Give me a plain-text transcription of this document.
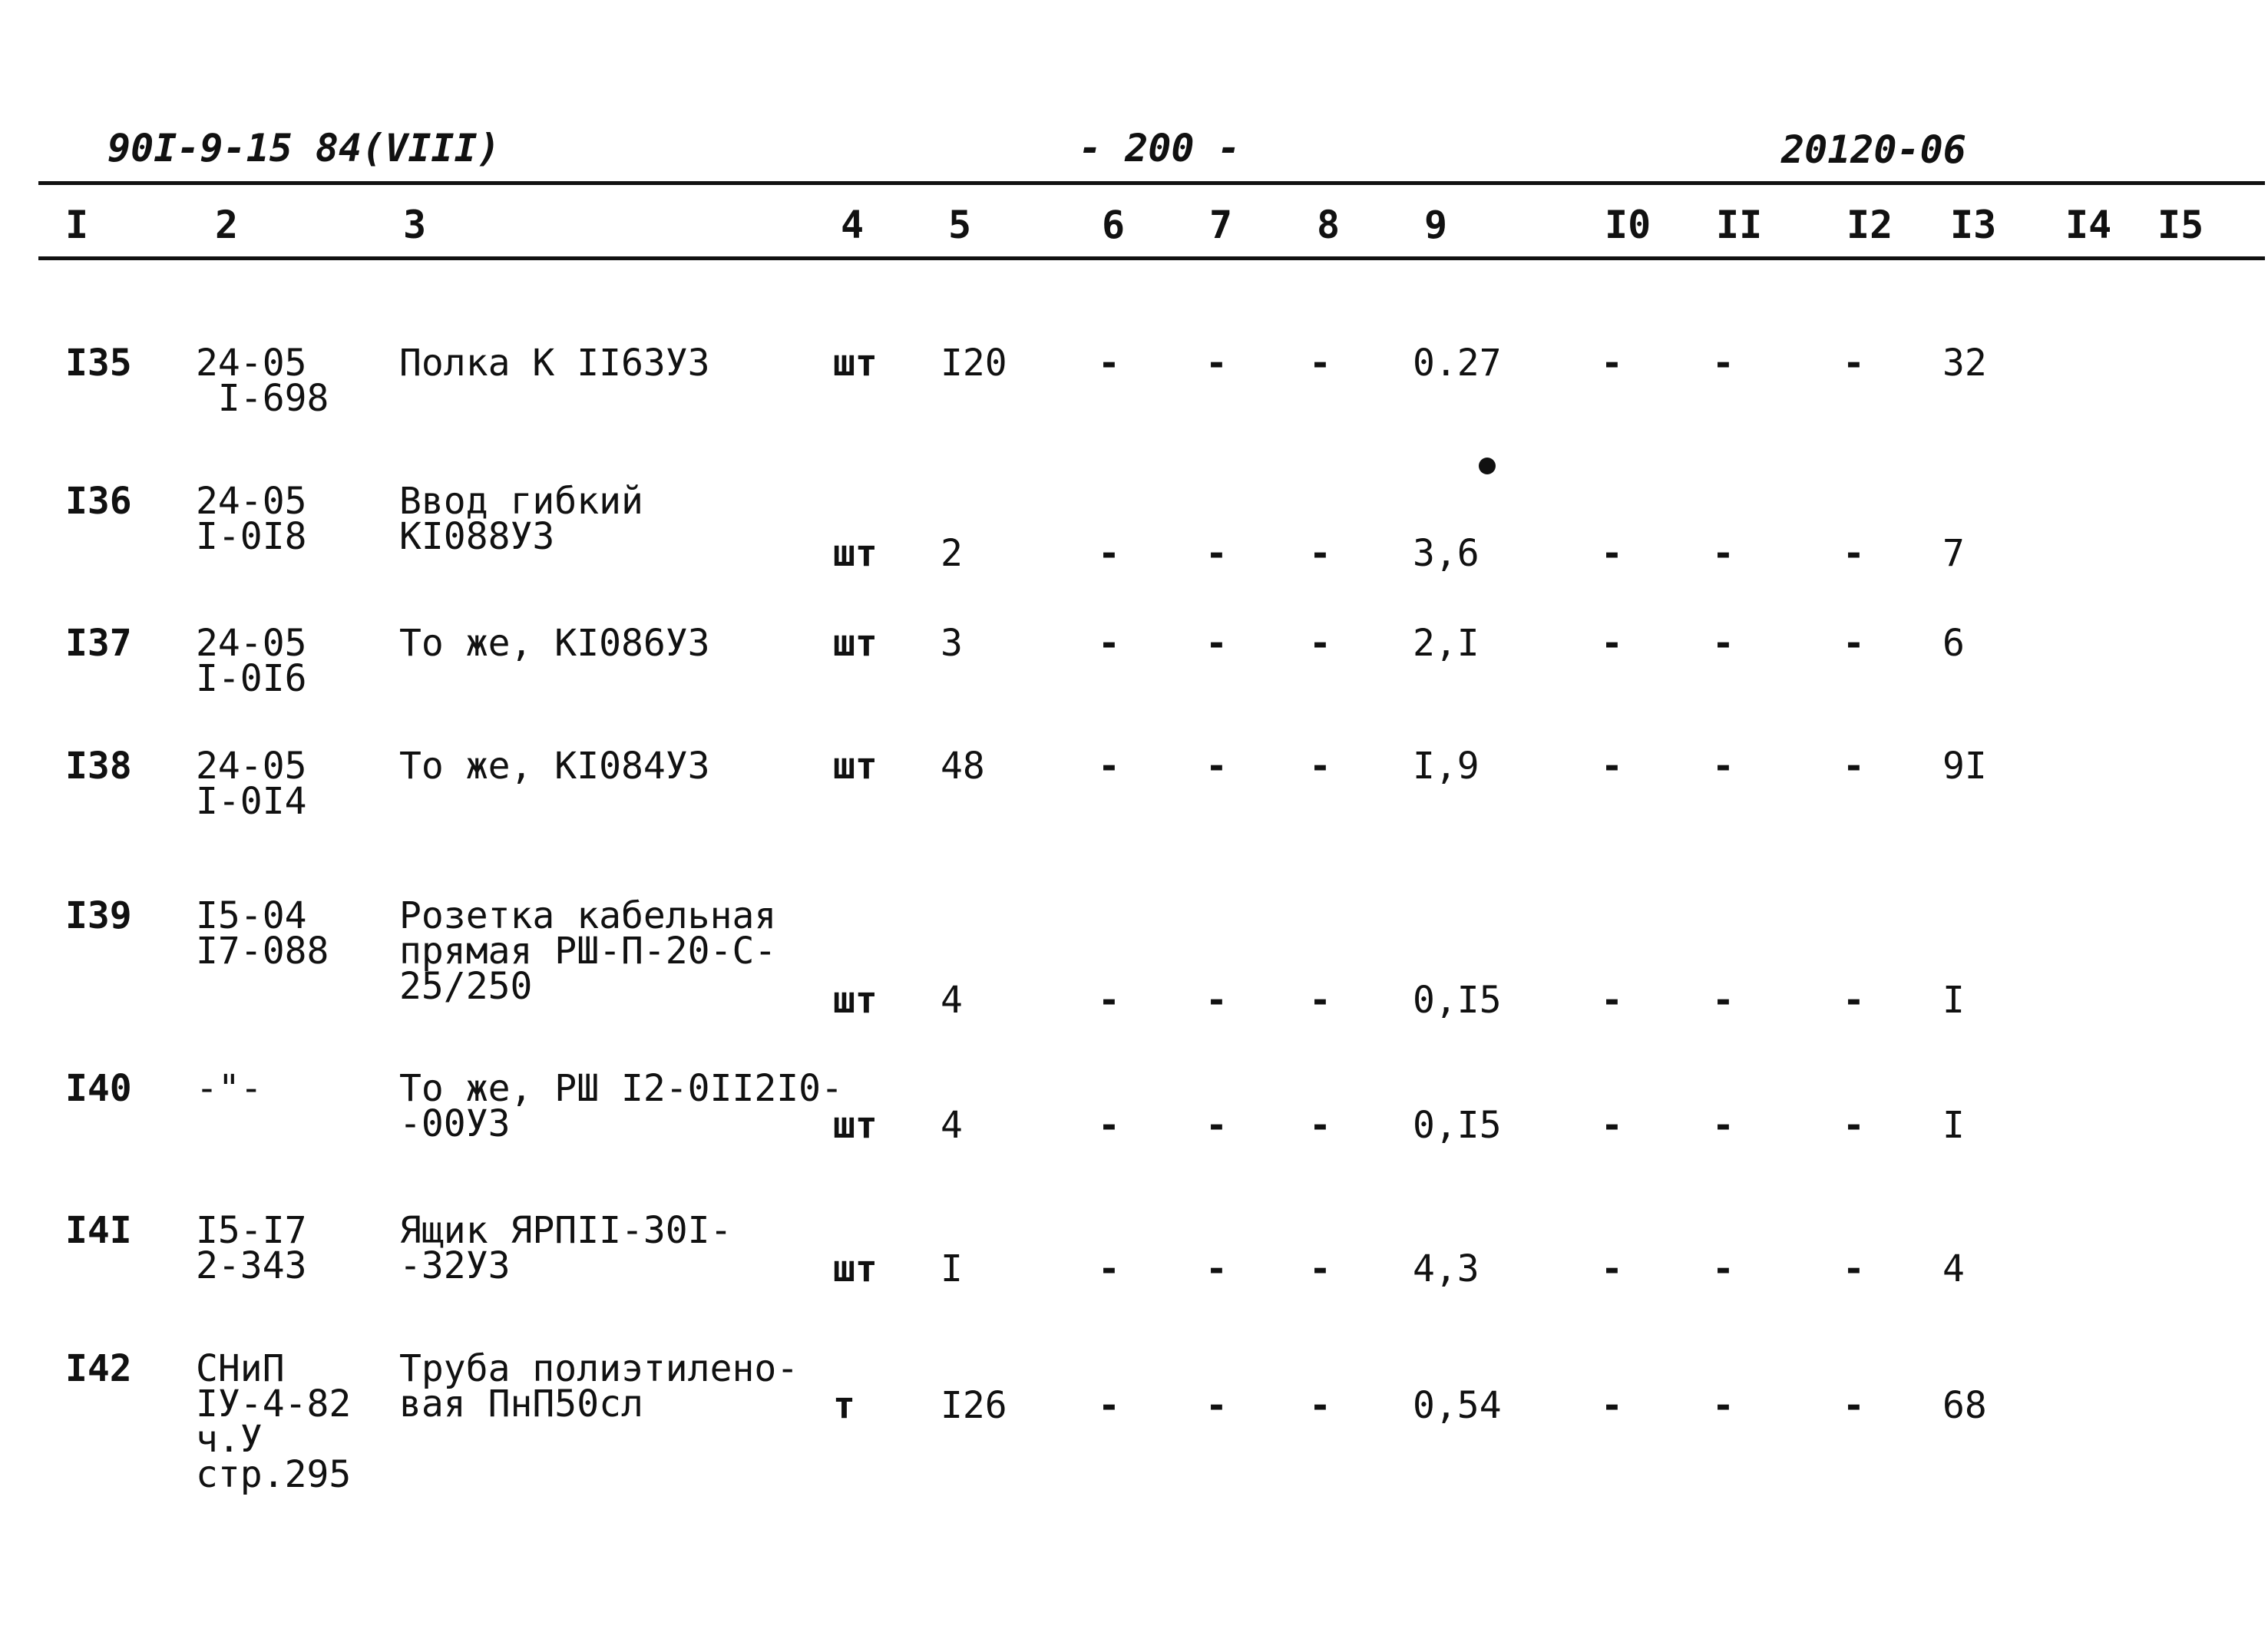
90I-9-15 84(VIII)	- 200 -	20120-06
I	2	3	4 5	6 7 8 9	I0 II I2 I3 I4 I5
I35 24-05
I-698
Полка К II63У3	шт I20 - - - 0.27	- -	- 32
I36 24-05
I-0I8
Ввод гибкий
KI088У3	шт 2	- - - 3,6	- -	- 7
I37 24-05
I-0I6
То же, KI086У3	шт 3	- - - 2,I	- -	- 6
I38 24-05
I-0I4
То же, KI084У3	шт 48	- - - I,9	- -	- 9I
I39 I5-04
I7-088
Розетка кабельная
прямая РШ-П-20-С-
25/250	шт 4	- - - 0,I5	- -	- I
I40 -"-	То же, РШ I2-0II2I0-
-00У3	шт 4	- - - 0,I5	- -	- I
I4I I5-I7
2-343
Ящик ЯРПII-30I-
-32У3	шт I	- - - 4,3	- -	- 4
I42 СНиП
IУ-4-82
ч.У
стр.295
Труба полиэтилено-
вая ПнП50сл	т I26 - - - 0,54	- -	- 68
